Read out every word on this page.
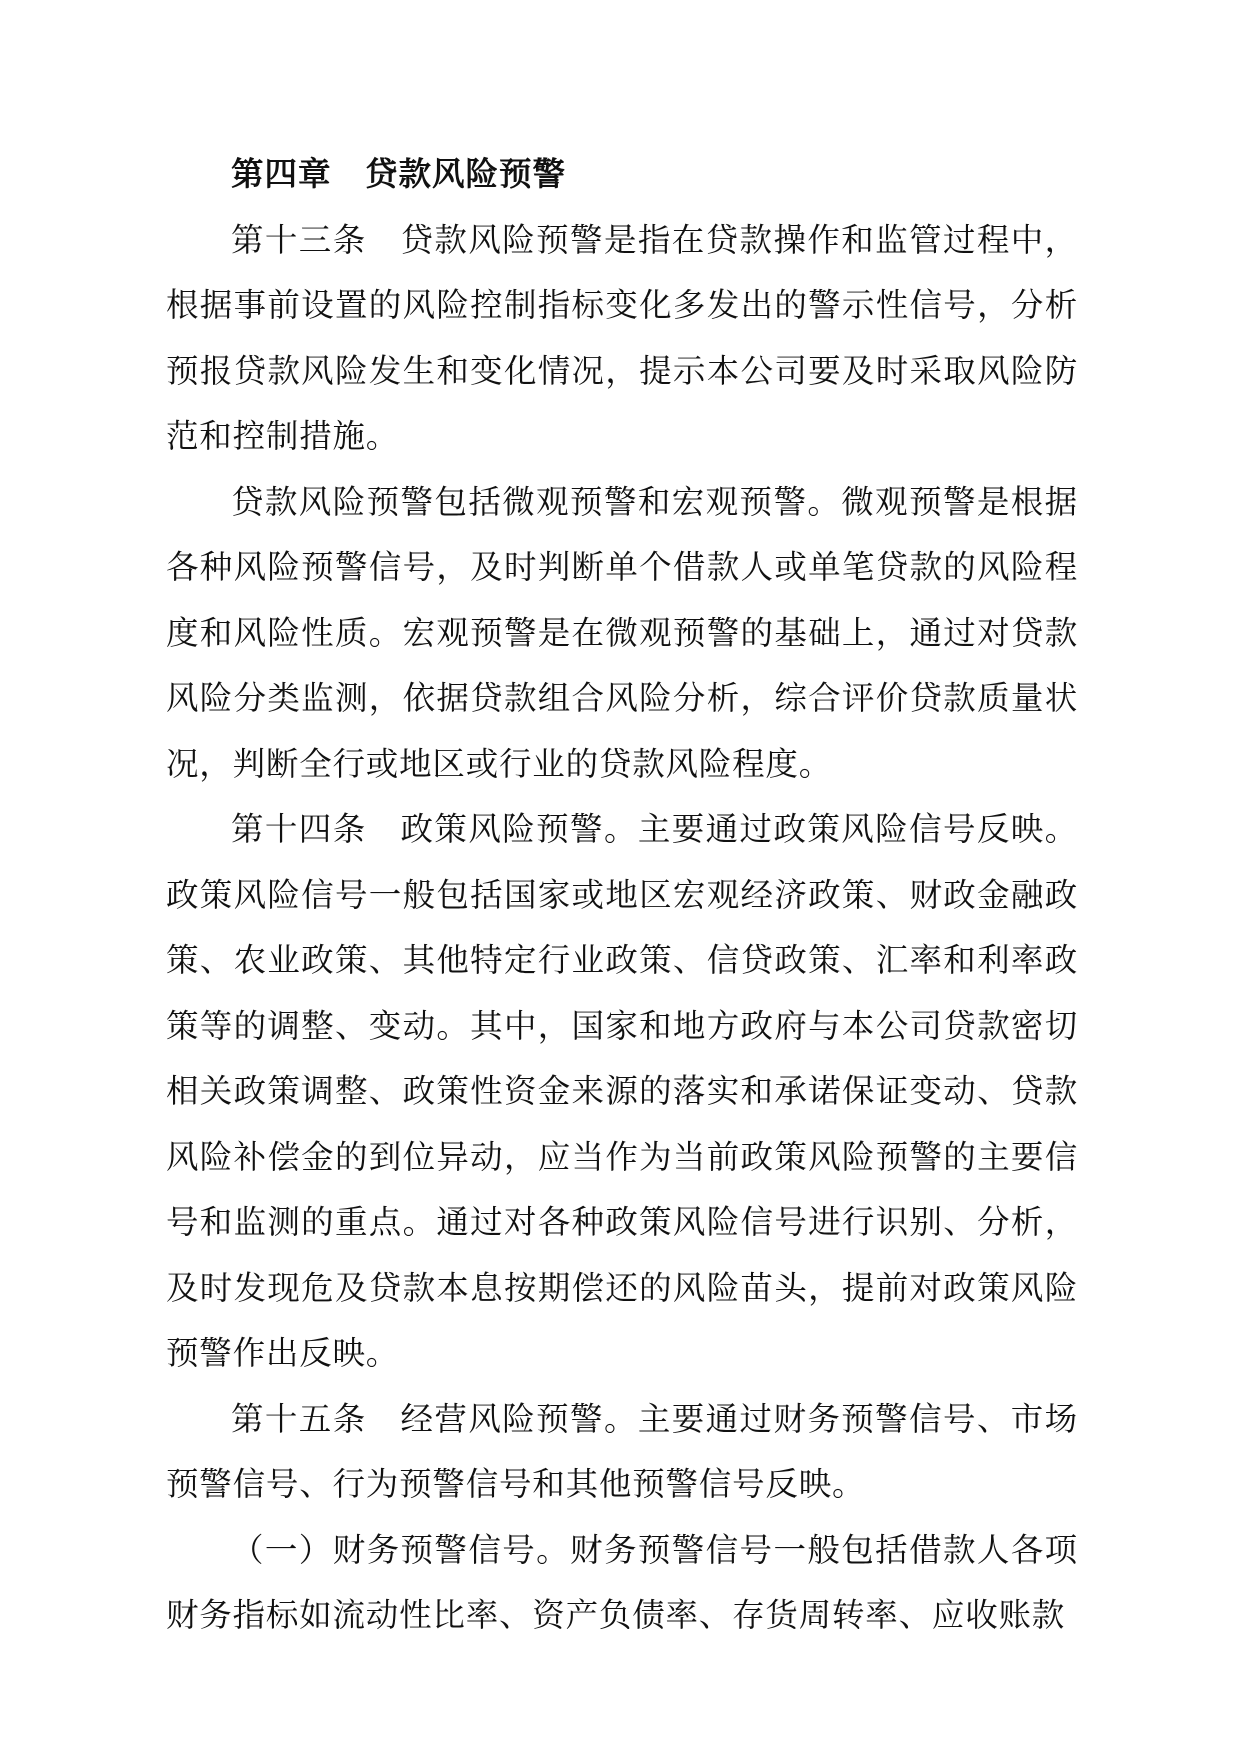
第四章　贷款风险预警

第十三条　贷款风险预警是指在贷款操作和监管过程中，根据事前设置的风险控制指标变化多发出的警示性信号，分析预报贷款风险发生和变化情况，提示本公司要及时采取风险防范和控制措施。

贷款风险预警包括微观预警和宏观预警。微观预警是根据各种风险预警信号，及时判断单个借款人或单笔贷款的风险程度和风险性质。宏观预警是在微观预警的基础上，通过对贷款风险分类监测，依据贷款组合风险分析，综合评价贷款质量状况，判断全行或地区或行业的贷款风险程度。

第十四条　政策风险预警。主要通过政策风险信号反映。政策风险信号一般包括国家或地区宏观经济政策、财政金融政策、农业政策、其他特定行业政策、信贷政策、汇率和利率政策等的调整、变动。其中，国家和地方政府与本公司贷款密切相关政策调整、政策性资金来源的落实和承诺保证变动、贷款风险补偿金的到位异动，应当作为当前政策风险预警的主要信号和监测的重点。通过对各种政策风险信号进行识别、分析，及时发现危及贷款本息按期偿还的风险苗头，提前对政策风险预警作出反映。

第十五条　经营风险预警。主要通过财务预警信号、市场预警信号、行为预警信号和其他预警信号反映。

（一）财务预警信号。财务预警信号一般包括借款人各项财务指标如流动性比率、资产负债率、存货周转率、应收账款
